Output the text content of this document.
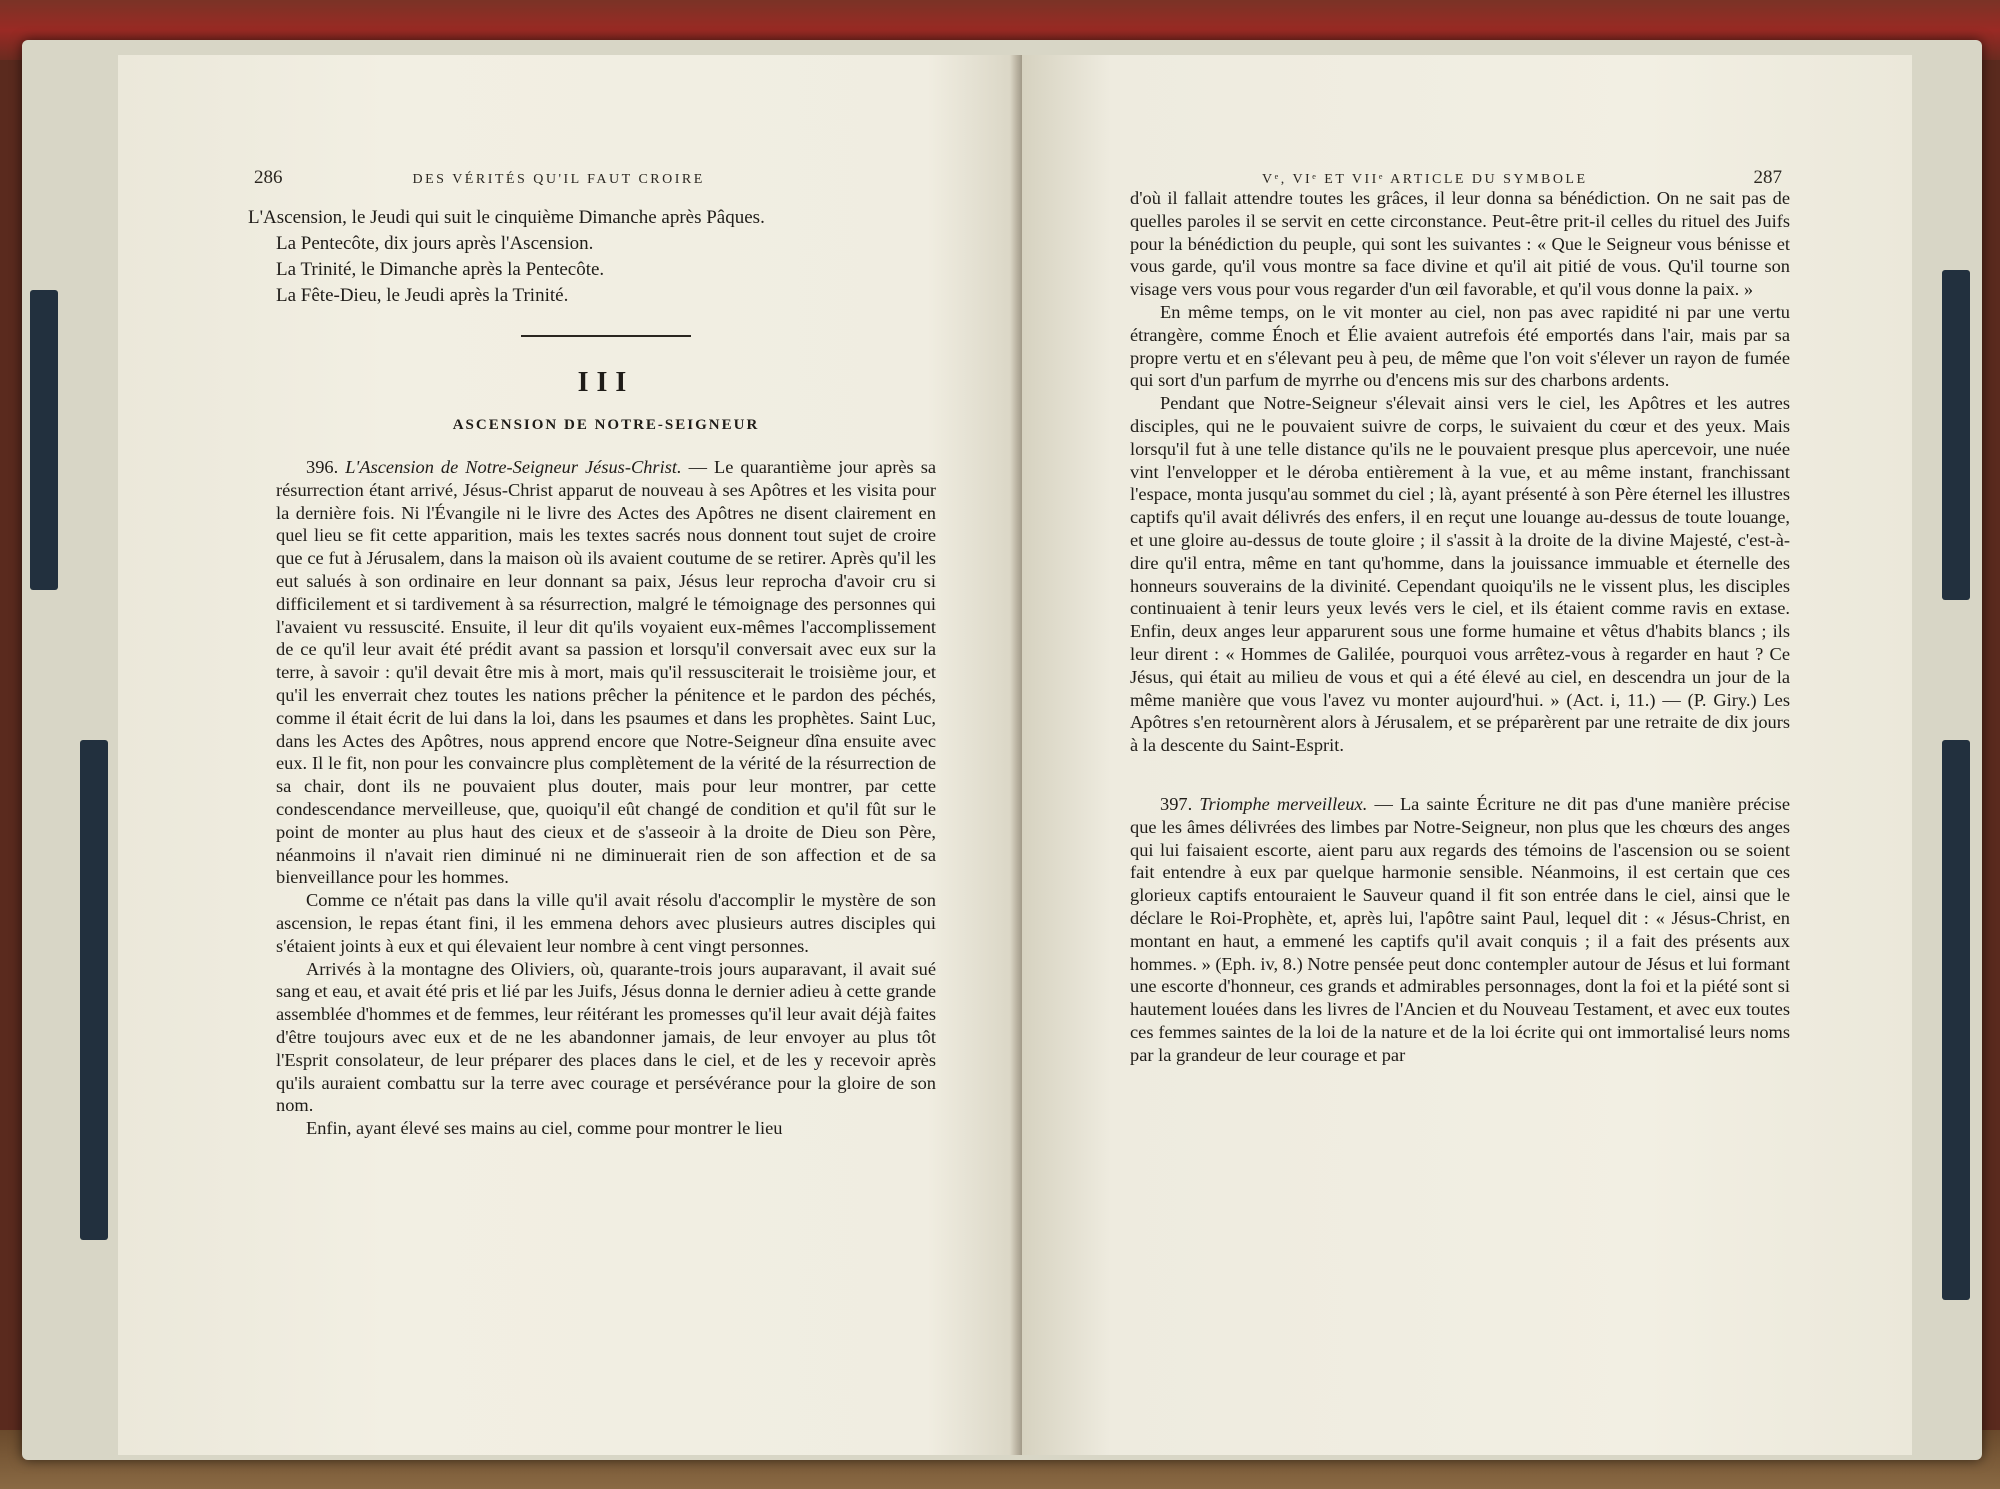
286	DES VÉRITÉS QU'IL FAUT CROIRE
L'Ascension, le Jeudi qui suit le cinquième Dimanche après Pâques.
La Pentecôte, dix jours après l'Ascension.
La Trinité, le Dimanche après la Pentecôte.
La Fête-Dieu, le Jeudi après la Trinité.
III
ASCENSION DE NOTRE-SEIGNEUR

396. L'Ascension de Notre-Seigneur Jésus-Christ. — Le quarantième jour après sa résurrection étant arrivé, Jésus-Christ apparut de nouveau à ses Apôtres et les visita pour la dernière fois. Ni l'Évangile ni le livre des Actes des Apôtres ne disent clairement en quel lieu se fit cette apparition, mais les textes sacrés nous donnent tout sujet de croire que ce fut à Jérusalem, dans la maison où ils avaient coutume de se retirer. Après qu'il les eut salués à son ordinaire en leur donnant sa paix, Jésus leur reprocha d'avoir cru si difficilement et si tardivement à sa résurrection, malgré le témoignage des personnes qui l'avaient vu ressuscité. Ensuite, il leur dit qu'ils voyaient eux-mêmes l'accomplissement de ce qu'il leur avait été prédit avant sa passion et lorsqu'il conversait avec eux sur la terre, à savoir : qu'il devait être mis à mort, mais qu'il ressusciterait le troisième jour, et qu'il les enverrait chez toutes les nations prêcher la pénitence et le pardon des péchés, comme il était écrit de lui dans la loi, dans les psaumes et dans les prophètes. Saint Luc, dans les Actes des Apôtres, nous apprend encore que Notre-Seigneur dîna ensuite avec eux. Il le fit, non pour les convaincre plus complètement de la vérité de la résurrection de sa chair, dont ils ne pouvaient plus douter, mais pour leur montrer, par cette condescendance merveilleuse, que, quoiqu'il eût changé de condition et qu'il fût sur le point de monter au plus haut des cieux et de s'asseoir à la droite de Dieu son Père, néanmoins il n'avait rien diminué ni ne diminuerait rien de son affection et de sa bienveillance pour les hommes.

Comme ce n'était pas dans la ville qu'il avait résolu d'accomplir le mystère de son ascension, le repas étant fini, il les emmena dehors avec plusieurs autres disciples qui s'étaient joints à eux et qui élevaient leur nombre à cent vingt personnes.

Arrivés à la montagne des Oliviers, où, quarante-trois jours auparavant, il avait sué sang et eau, et avait été pris et lié par les Juifs, Jésus donna le dernier adieu à cette grande assemblée d'hommes et de femmes, leur réitérant les promesses qu'il leur avait déjà faites d'être toujours avec eux et de ne les abandonner jamais, de leur envoyer au plus tôt l'Esprit consolateur, de leur préparer des places dans le ciel, et de les y recevoir après qu'ils auraient combattu sur la terre avec courage et persévérance pour la gloire de son nom.

Enfin, ayant élevé ses mains au ciel, comme pour montrer le lieu

Vᵉ, VIᵉ ET VIIᵉ ARTICLE DU SYMBOLE	287

d'où il fallait attendre toutes les grâces, il leur donna sa bénédiction. On ne sait pas de quelles paroles il se servit en cette circonstance. Peut-être prit-il celles du rituel des Juifs pour la bénédiction du peuple, qui sont les suivantes : « Que le Seigneur vous bénisse et vous garde, qu'il vous montre sa face divine et qu'il ait pitié de vous. Qu'il tourne son visage vers vous pour vous regarder d'un œil favorable, et qu'il vous donne la paix. »

En même temps, on le vit monter au ciel, non pas avec rapidité ni par une vertu étrangère, comme Énoch et Élie avaient autrefois été emportés dans l'air, mais par sa propre vertu et en s'élevant peu à peu, de même que l'on voit s'élever un rayon de fumée qui sort d'un parfum de myrrhe ou d'encens mis sur des charbons ardents.

Pendant que Notre-Seigneur s'élevait ainsi vers le ciel, les Apôtres et les autres disciples, qui ne le pouvaient suivre de corps, le suivaient du cœur et des yeux. Mais lorsqu'il fut à une telle distance qu'ils ne le pouvaient presque plus apercevoir, une nuée vint l'envelopper et le déroba entièrement à la vue, et au même instant, franchissant l'espace, monta jusqu'au sommet du ciel ; là, ayant présenté à son Père éternel les illustres captifs qu'il avait délivrés des enfers, il en reçut une louange au-dessus de toute louange, et une gloire au-dessus de toute gloire ; il s'assit à la droite de la divine Majesté, c'est-à-dire qu'il entra, même en tant qu'homme, dans la jouissance immuable et éternelle des honneurs souverains de la divinité. Cependant quoiqu'ils ne le vissent plus, les disciples continuaient à tenir leurs yeux levés vers le ciel, et ils étaient comme ravis en extase. Enfin, deux anges leur apparurent sous une forme humaine et vêtus d'habits blancs ; ils leur dirent : « Hommes de Galilée, pourquoi vous arrêtez-vous à regarder en haut ? Ce Jésus, qui était au milieu de vous et qui a été élevé au ciel, en descendra un jour de la même manière que vous l'avez vu monter aujourd'hui. » (Act. i, 11.) — (P. Giry.) Les Apôtres s'en retournèrent alors à Jérusalem, et se préparèrent par une retraite de dix jours à la descente du Saint-Esprit.

397. Triomphe merveilleux. — La sainte Écriture ne dit pas d'une manière précise que les âmes délivrées des limbes par Notre-Seigneur, non plus que les chœurs des anges qui lui faisaient escorte, aient paru aux regards des témoins de l'ascension ou se soient fait entendre à eux par quelque harmonie sensible. Néanmoins, il est certain que ces glorieux captifs entouraient le Sauveur quand il fit son entrée dans le ciel, ainsi que le déclare le Roi-Prophète, et, après lui, l'apôtre saint Paul, lequel dit : « Jésus-Christ, en montant en haut, a emmené les captifs qu'il avait conquis ; il a fait des présents aux hommes. » (Eph. iv, 8.) Notre pensée peut donc contempler autour de Jésus et lui formant une escorte d'honneur, ces grands et admirables personnages, dont la foi et la piété sont si hautement louées dans les livres de l'Ancien et du Nouveau Testament, et avec eux toutes ces femmes saintes de la loi de la nature et de la loi écrite qui ont immortalisé leurs noms par la grandeur de leur courage et par
